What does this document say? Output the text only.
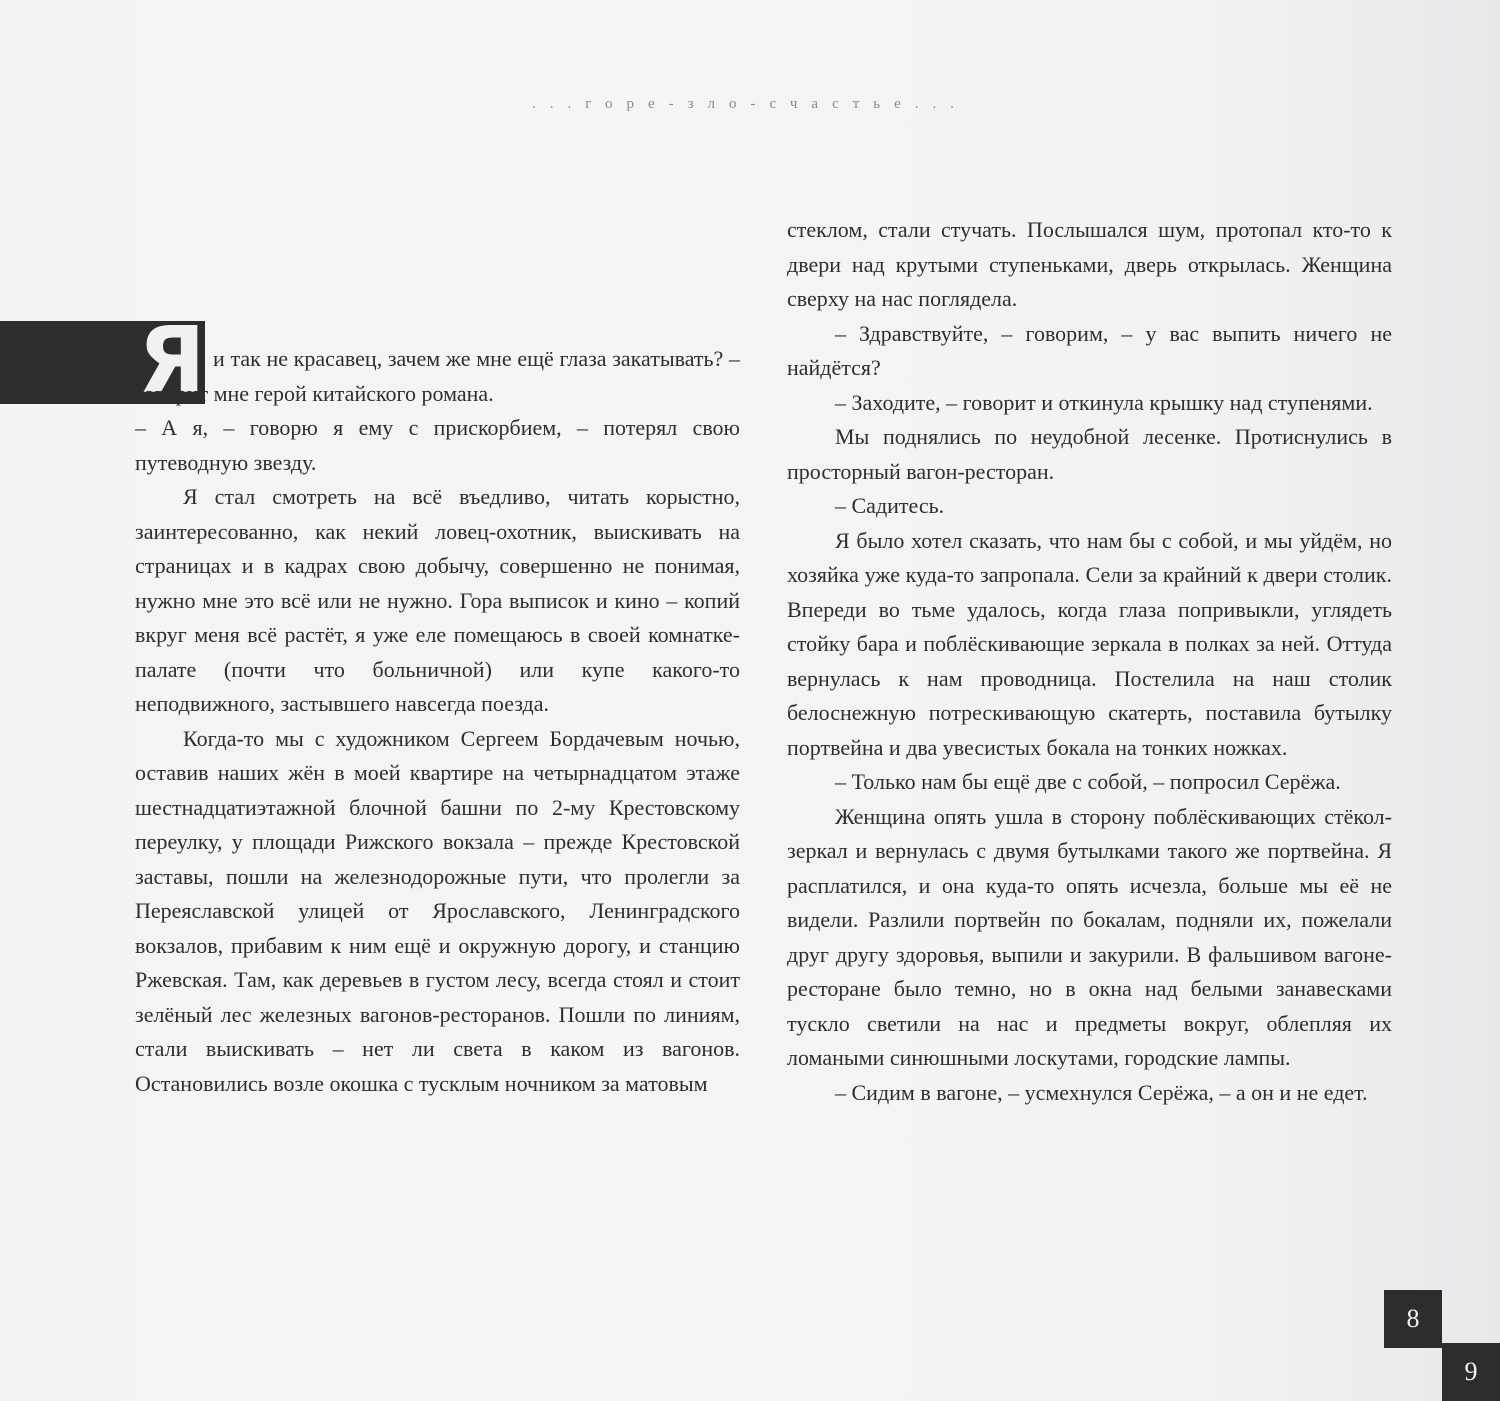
...горе-зло-счастье...
Я и так не красавец, зачем же мне ещё глаза закатывать? – говорит мне герой китайского романа.

– А я, – говорю я ему с прискорбием, – потерял свою путеводную звезду.

Я стал смотреть на всё въедливо, читать корыстно, заинтересованно, как некий ловец-охотник, выискивать на страницах и в кадрах свою добычу, совершенно не понимая, нужно мне это всё или не нужно. Гора выписок и кино – копий вкруг меня всё растёт, я уже еле помещаюсь в своей комнатке-палате (почти что больничной) или купе какого-то неподвижного, застывшего навсегда поезда.

Когда-то мы с художником Сергеем Бордачевым ночью, оставив наших жён в моей квартире на четырнадцатом этаже шестнадцатиэтажной блочной башни по 2-му Крестовскому переулку, у площади Рижского вокзала – прежде Крестовской заставы, пошли на железнодорожные пути, что пролегли за Переяславской улицей от Ярославского, Ленинградского вокзалов, прибавим к ним ещё и окружную дорогу, и станцию Ржевская. Там, как деревьев в густом лесу, всегда стоял и стоит зелёный лес железных вагонов-ресторанов. Пошли по линиям, стали выискивать – нет ли света в каком из вагонов. Остановились возле окошка с тусклым ночником за матовым

стеклом, стали стучать. Послышался шум, протопал кто-то к двери над крутыми ступеньками, дверь открылась. Женщина сверху на нас поглядела.

– Здравствуйте, – говорим, – у вас выпить ничего не найдётся?

– Заходите, – говорит и откинула крышку над ступенями.

Мы поднялись по неудобной лесенке. Протиснулись в просторный вагон-ресторан.

– Садитесь.

Я было хотел сказать, что нам бы с собой, и мы уйдём, но хозяйка уже куда-то запропала. Сели за крайний к двери столик. Впереди во тьме удалось, когда глаза попривыкли, углядеть стойку бара и поблёскивающие зеркала в полках за ней. Оттуда вернулась к нам проводница. Постелила на наш столик белоснежную потрескивающую скатерть, поставила бутылку портвейна и два увесистых бокала на тонких ножках.

– Только нам бы ещё две с собой, – попросил Серёжа.

Женщина опять ушла в сторону поблёскивающих стёкол-зеркал и вернулась с двумя бутылками такого же портвейна. Я расплатился, и она куда-то опять исчезла, больше мы её не видели. Разлили портвейн по бокалам, подняли их, пожелали друг другу здоровья, выпили и закурили. В фальшивом вагоне-ресторане было темно, но в окна над белыми занавесками тускло светили на нас и предметы вокруг, облепляя их ломаными синюшными лоскутами, городские лампы.

– Сидим в вагоне, – усмехнулся Серёжа, – а он и не едет.

8
9
